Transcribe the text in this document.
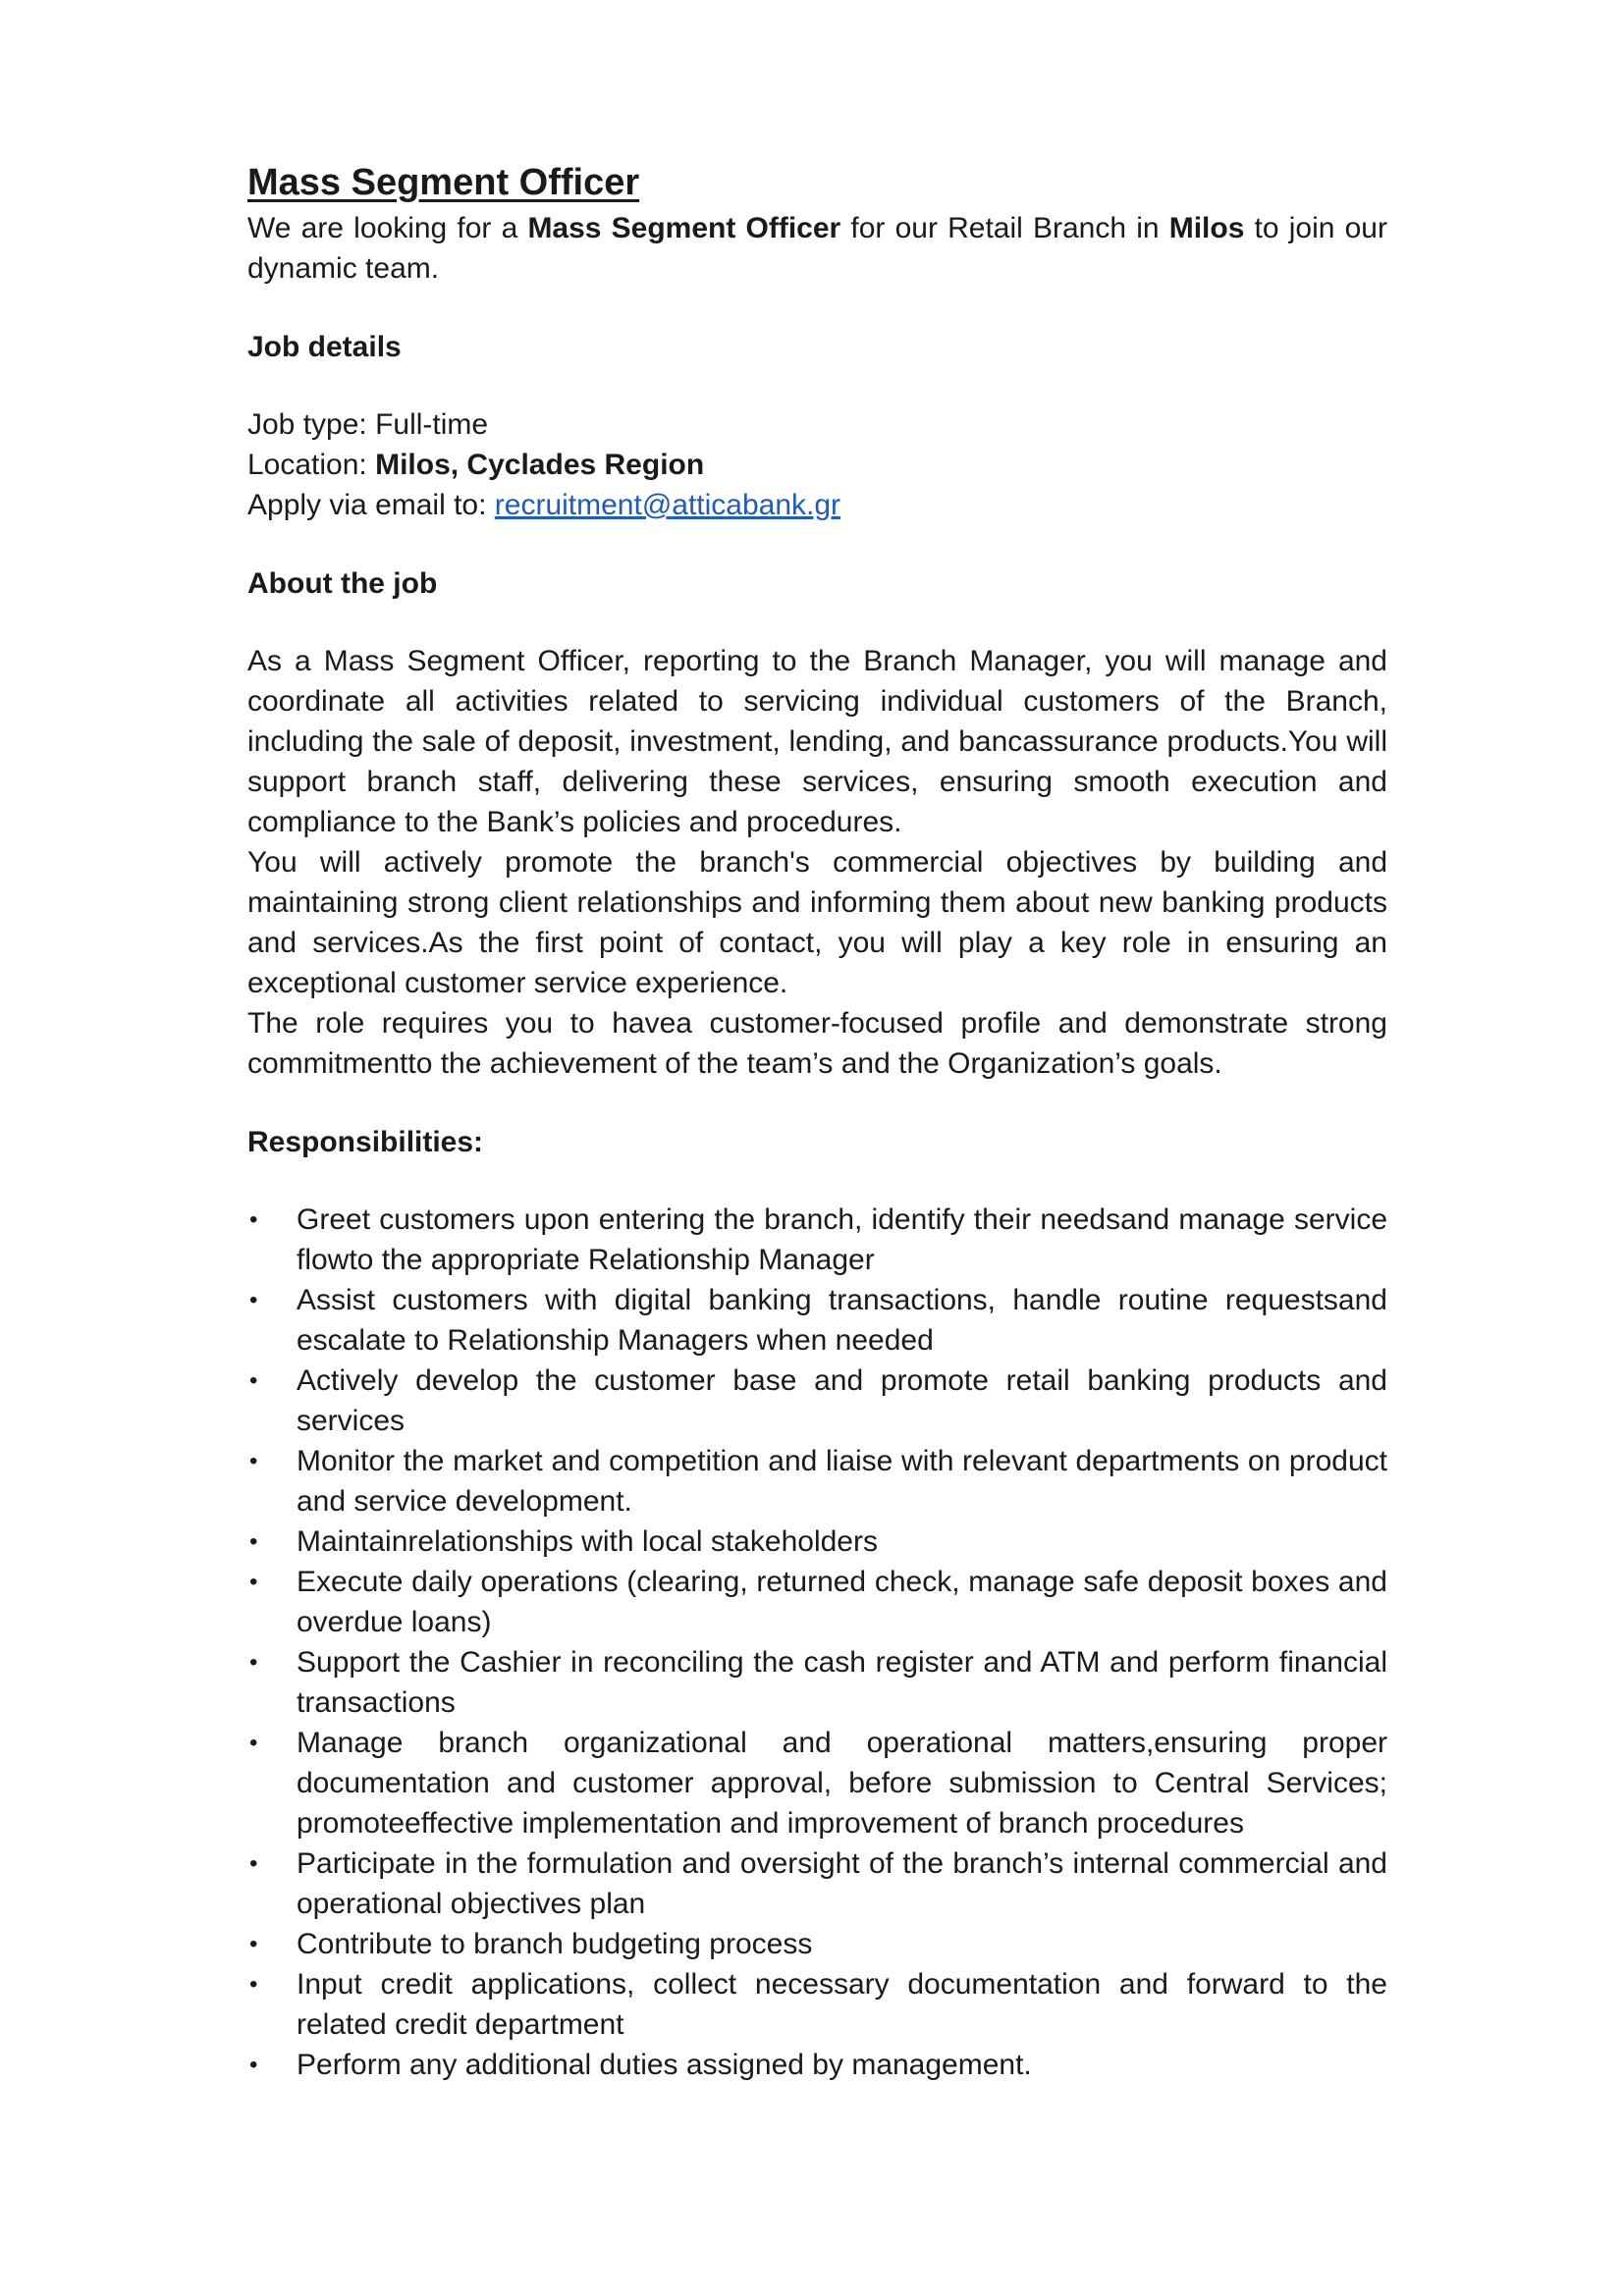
Mass Segment Officer

We are looking for a Mass Segment Officer for our Retail Branch in Milos to join our dynamic team.

Job details

Job type: Full-time

Location: Milos, Cyclades Region

Apply via email to: recruitment@atticabank.gr

About the job

As a Mass Segment Officer, reporting to the Branch Manager, you will manage and coordinate all activities related to servicing individual customers of the Branch, including the sale of deposit, investment, lending, and bancassurance products.You will support branch staff, delivering these services, ensuring smooth execution and compliance to the Bank’s policies and procedures.

You will actively promote the branch's commercial objectives by building and maintaining strong client relationships and informing them about new banking products and services.As the first point of contact, you will play a key role in ensuring an exceptional customer service experience.

The role requires you to havea customer-focused profile and demonstrate strong commitmentto the achievement of the team’s and the Organization’s goals.

Responsibilities:
•	Greet customers upon entering the branch, identify their needsand manage service flowto the appropriate Relationship Manager
•	Assist customers with digital banking transactions, handle routine requestsand escalate to Relationship Managers when needed
•	Actively develop the customer base and promote retail banking products and services
•	Monitor the market and competition and liaise with relevant departments on product and service development.
•	Maintainrelationships with local stakeholders
•	Execute daily operations (clearing, returned check, manage safe deposit boxes and overdue loans)
•	Support the Cashier in reconciling the cash register and ATM and perform financial transactions
•	Manage branch organizational and operational matters,ensuring proper documentation and customer approval, before submission to Central Services; promoteeffective implementation and improvement of branch procedures
•	Participate in the formulation and oversight of the branch’s internal commercial and operational objectives plan
•	Contribute to branch budgeting process
•	Input credit applications, collect necessary documentation and forward to the related credit department
•	Perform any additional duties assigned by management.
